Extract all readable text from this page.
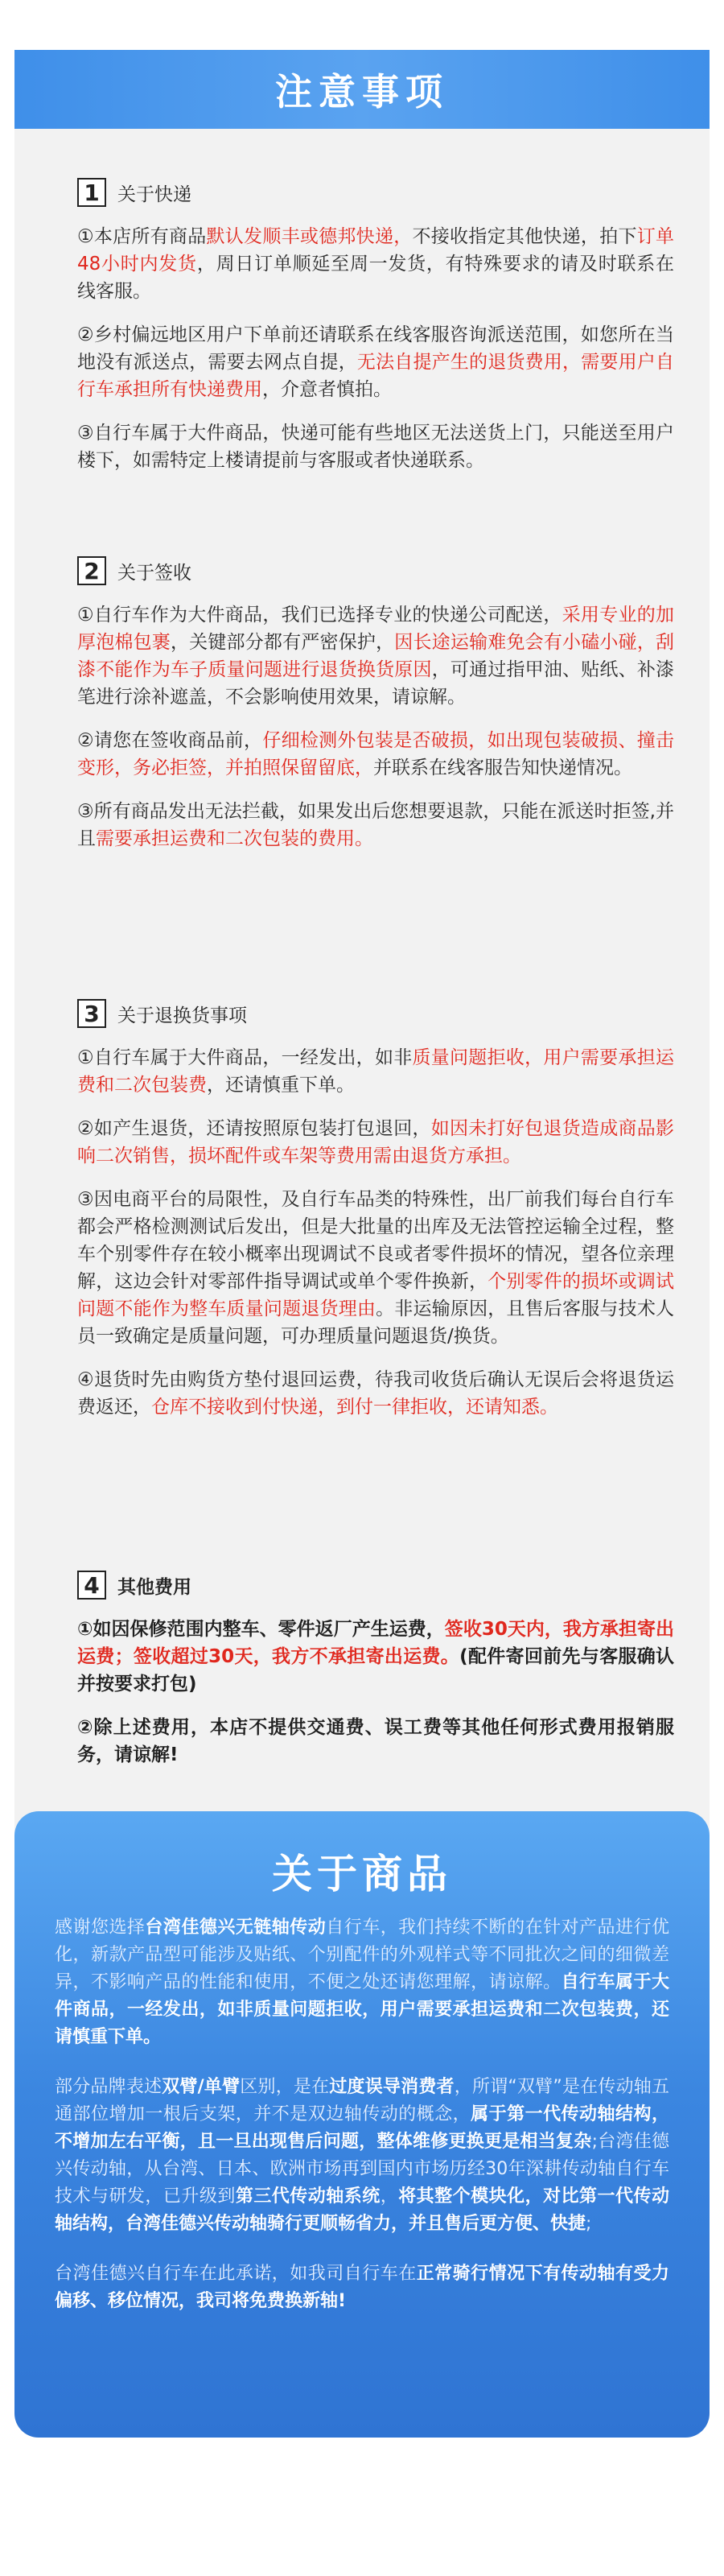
注意事项
1 关于快递

①本店所有商品默认发顺丰或德邦快递，不接收指定其他快递，拍下订单48小时内发货，周日订单顺延至周一发货，有特殊要求的请及时联系在线客服。

②乡村偏远地区用户下单前还请联系在线客服咨询派送范围，如您所在当地没有派送点，需要去网点自提，无法自提产生的退货费用，需要用户自行车承担所有快递费用，介意者慎拍。

③自行车属于大件商品，快递可能有些地区无法送货上门，只能送至用户楼下，如需特定上楼请提前与客服或者快递联系。

2 关于签收

①自行车作为大件商品，我们已选择专业的快递公司配送，采用专业的加厚泡棉包裹，关键部分都有严密保护，因长途运输难免会有小磕小碰，刮漆不能作为车子质量问题进行退货换货原因，可通过指甲油、贴纸、补漆笔进行涂补遮盖，不会影响使用效果，请谅解。

②请您在签收商品前，仔细检测外包装是否破损，如出现包装破损、撞击变形，务必拒签，并拍照保留留底，并联系在线客服告知快递情况。

③所有商品发出无法拦截，如果发出后您想要退款，只能在派送时拒签,并且需要承担运费和二次包装的费用。

3 关于退换货事项

①自行车属于大件商品，一经发出，如非质量问题拒收，用户需要承担运费和二次包装费，还请慎重下单。

②如产生退货，还请按照原包装打包退回，如因未打好包退货造成商品影响二次销售，损坏配件或车架等费用需由退货方承担。

③因电商平台的局限性，及自行车品类的特殊性，出厂前我们每台自行车都会严格检测测试后发出，但是大批量的出库及无法管控运输全过程，整车个别零件存在较小概率出现调试不良或者零件损坏的情况，望各位亲理解，这边会针对零部件指导调试或单个零件换新，个别零件的损坏或调试问题不能作为整车质量问题退货理由。非运输原因，且售后客服与技术人员一致确定是质量问题，可办理质量问题退货/换货。

④退货时先由购货方垫付退回运费，待我司收货后确认无误后会将退货运费返还，仓库不接收到付快递，到付一律拒收，还请知悉。

4 其他费用

①如因保修范围内整车、零件返厂产生运费，签收30天内，我方承担寄出运费；签收超过30天，我方不承担寄出运费。(配件寄回前先与客服确认并按要求打包)

②除上述费用，本店不提供交通费、误工费等其他任何形式费用报销服务，请谅解!

关于商品

感谢您选择台湾佳德兴无链轴传动自行车，我们持续不断的在针对产品进行优化，新款产品型可能涉及贴纸、个别配件的外观样式等不同批次之间的细微差异，不影响产品的性能和使用，不便之处还请您理解，请谅解。自行车属于大件商品，一经发出，如非质量问题拒收，用户需要承担运费和二次包装费，还请慎重下单。

部分品牌表述双臂/单臂区别，是在过度误导消费者，所谓“双臂”是在传动轴五通部位增加一根后支架，并不是双边轴传动的概念，属于第一代传动轴结构，不增加左右平衡，且一旦出现售后问题，整体维修更换更是相当复杂;台湾佳德兴传动轴，从台湾、日本、欧洲市场再到国内市场历经30年深耕传动轴自行车技术与研发，已升级到第三代传动轴系统，将其整个模块化，对比第一代传动轴结构，台湾佳德兴传动轴骑行更顺畅省力，并且售后更方便、快捷;

台湾佳德兴自行车在此承诺，如我司自行车在正常骑行情况下有传动轴有受力偏移、移位情况，我司将免费换新轴!
